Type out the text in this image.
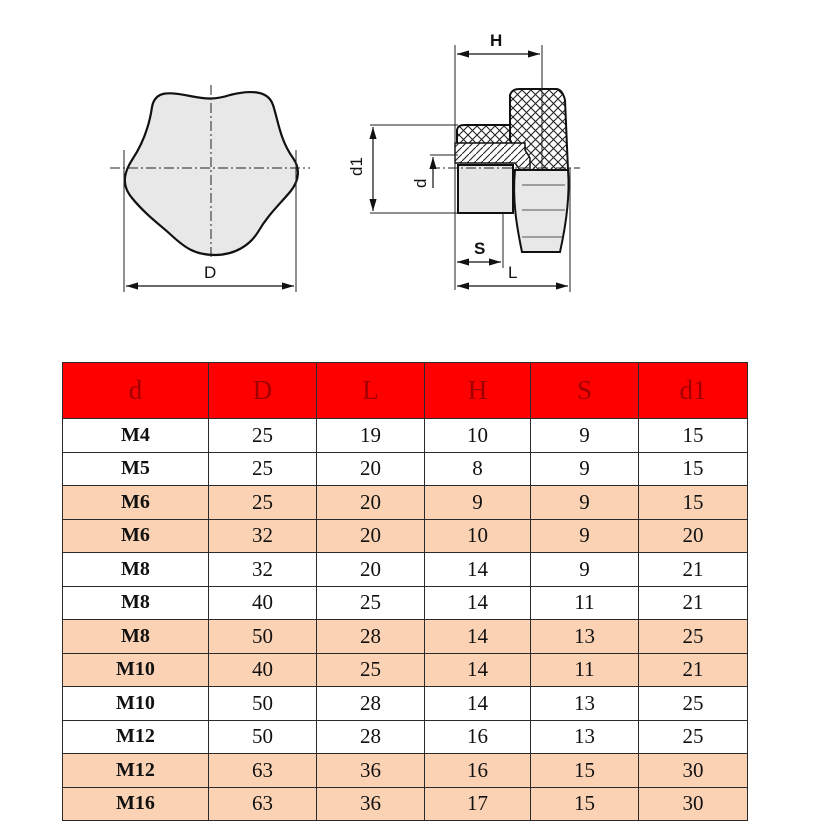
D
H
d1
d
S
L
d	D	L	H	S	d1
M4	25	19	10	9	15
M5	25	20	8	9	15
M6	25	20	9	9	15
M6	32	20	10	9	20
M8	32	20	14	9	21
M8	40	25	14	11	21
M8	50	28	14	13	25
M10	40	25	14	11	21
M10	50	28	14	13	25
M12	50	28	16	13	25
M12	63	36	16	15	30
M16	63	36	17	15	30
